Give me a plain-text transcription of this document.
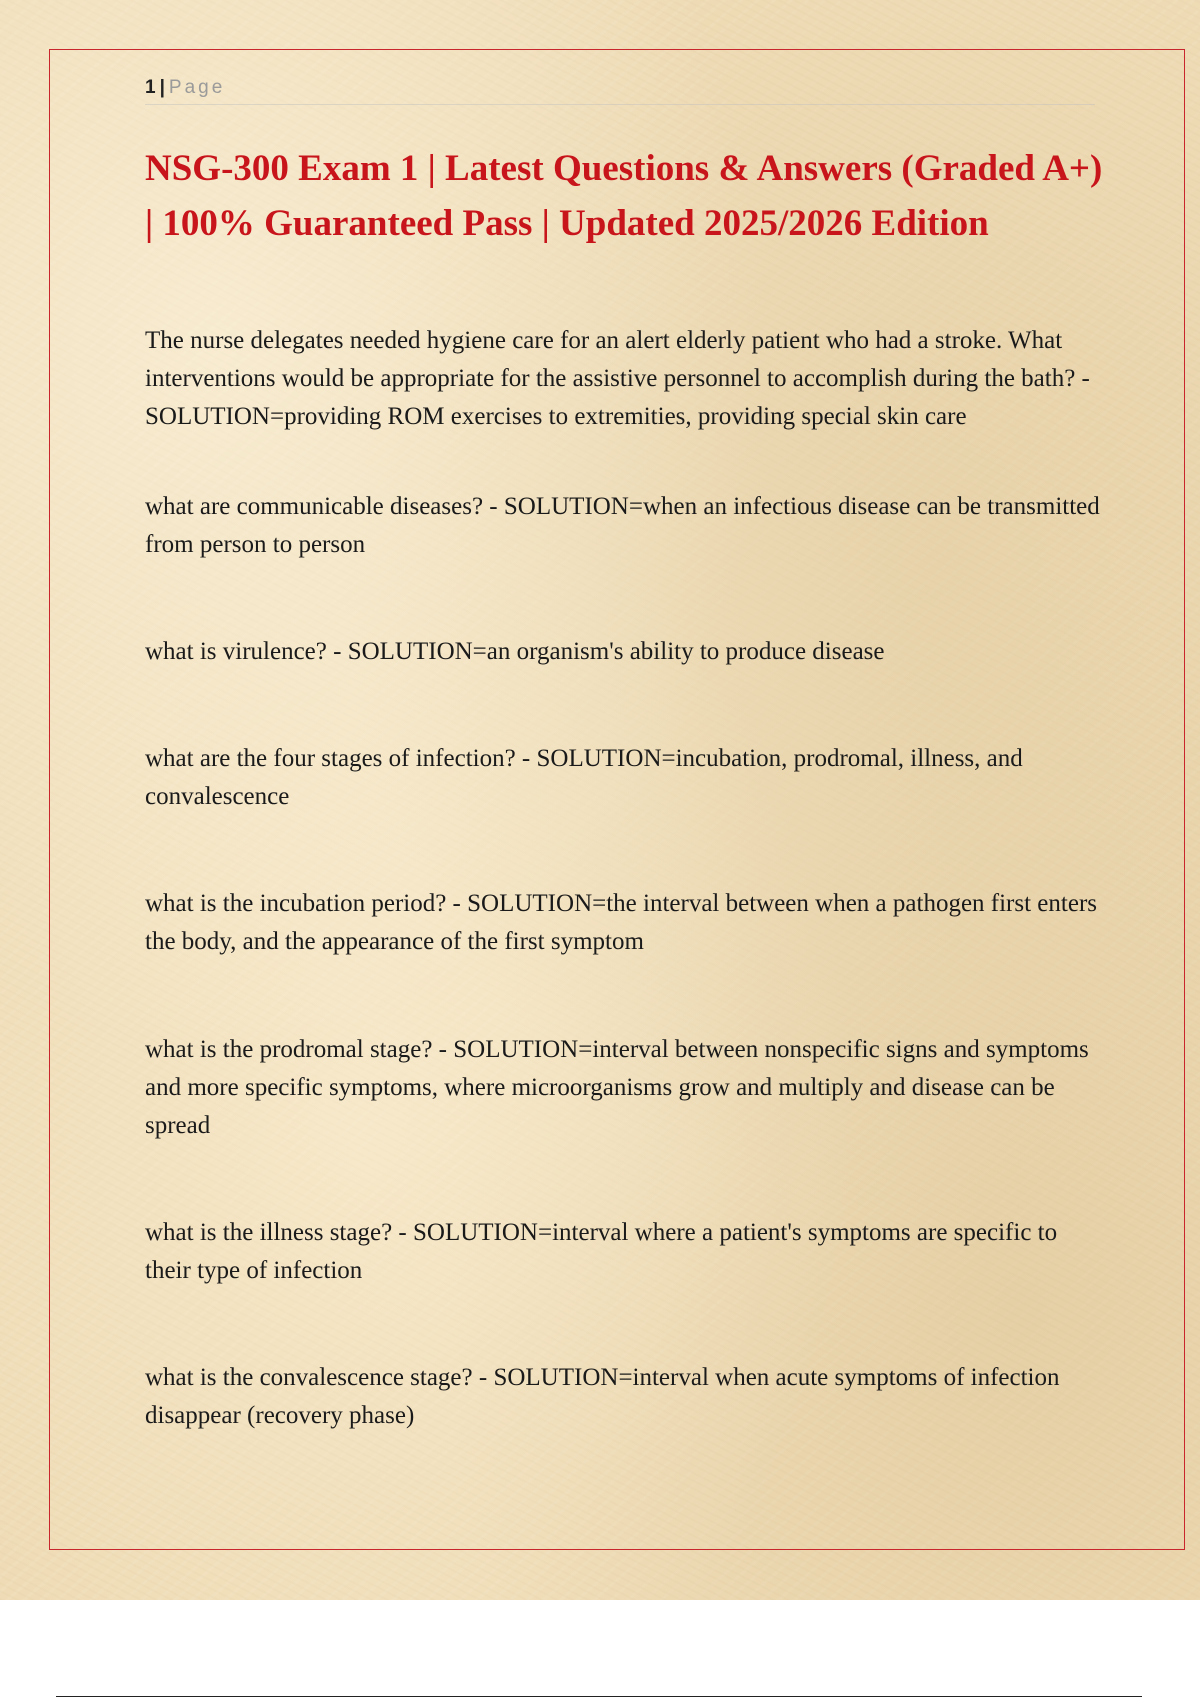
1 | Page
NSG-300 Exam 1 | Latest Questions & Answers (Graded A+) | 100% Guaranteed Pass | Updated 2025/2026 Edition

The nurse delegates needed hygiene care for an alert elderly patient who had a stroke. What interventions would be appropriate for the assistive personnel to accomplish during the bath? - SOLUTION=providing ROM exercises to extremities, providing special skin care

what are communicable diseases? - SOLUTION=when an infectious disease can be transmitted from person to person

what is virulence? - SOLUTION=an organism's ability to produce disease

what are the four stages of infection? - SOLUTION=incubation, prodromal, illness, and convalescence

what is the incubation period? - SOLUTION=the interval between when a pathogen first enters the body, and the appearance of the first symptom

what is the prodromal stage? - SOLUTION=interval between nonspecific signs and symptoms and more specific symptoms, where microorganisms grow and multiply and disease can be spread

what is the illness stage? - SOLUTION=interval where a patient's symptoms are specific to their type of infection

what is the convalescence stage? - SOLUTION=interval when acute symptoms of infection disappear (recovery phase)
